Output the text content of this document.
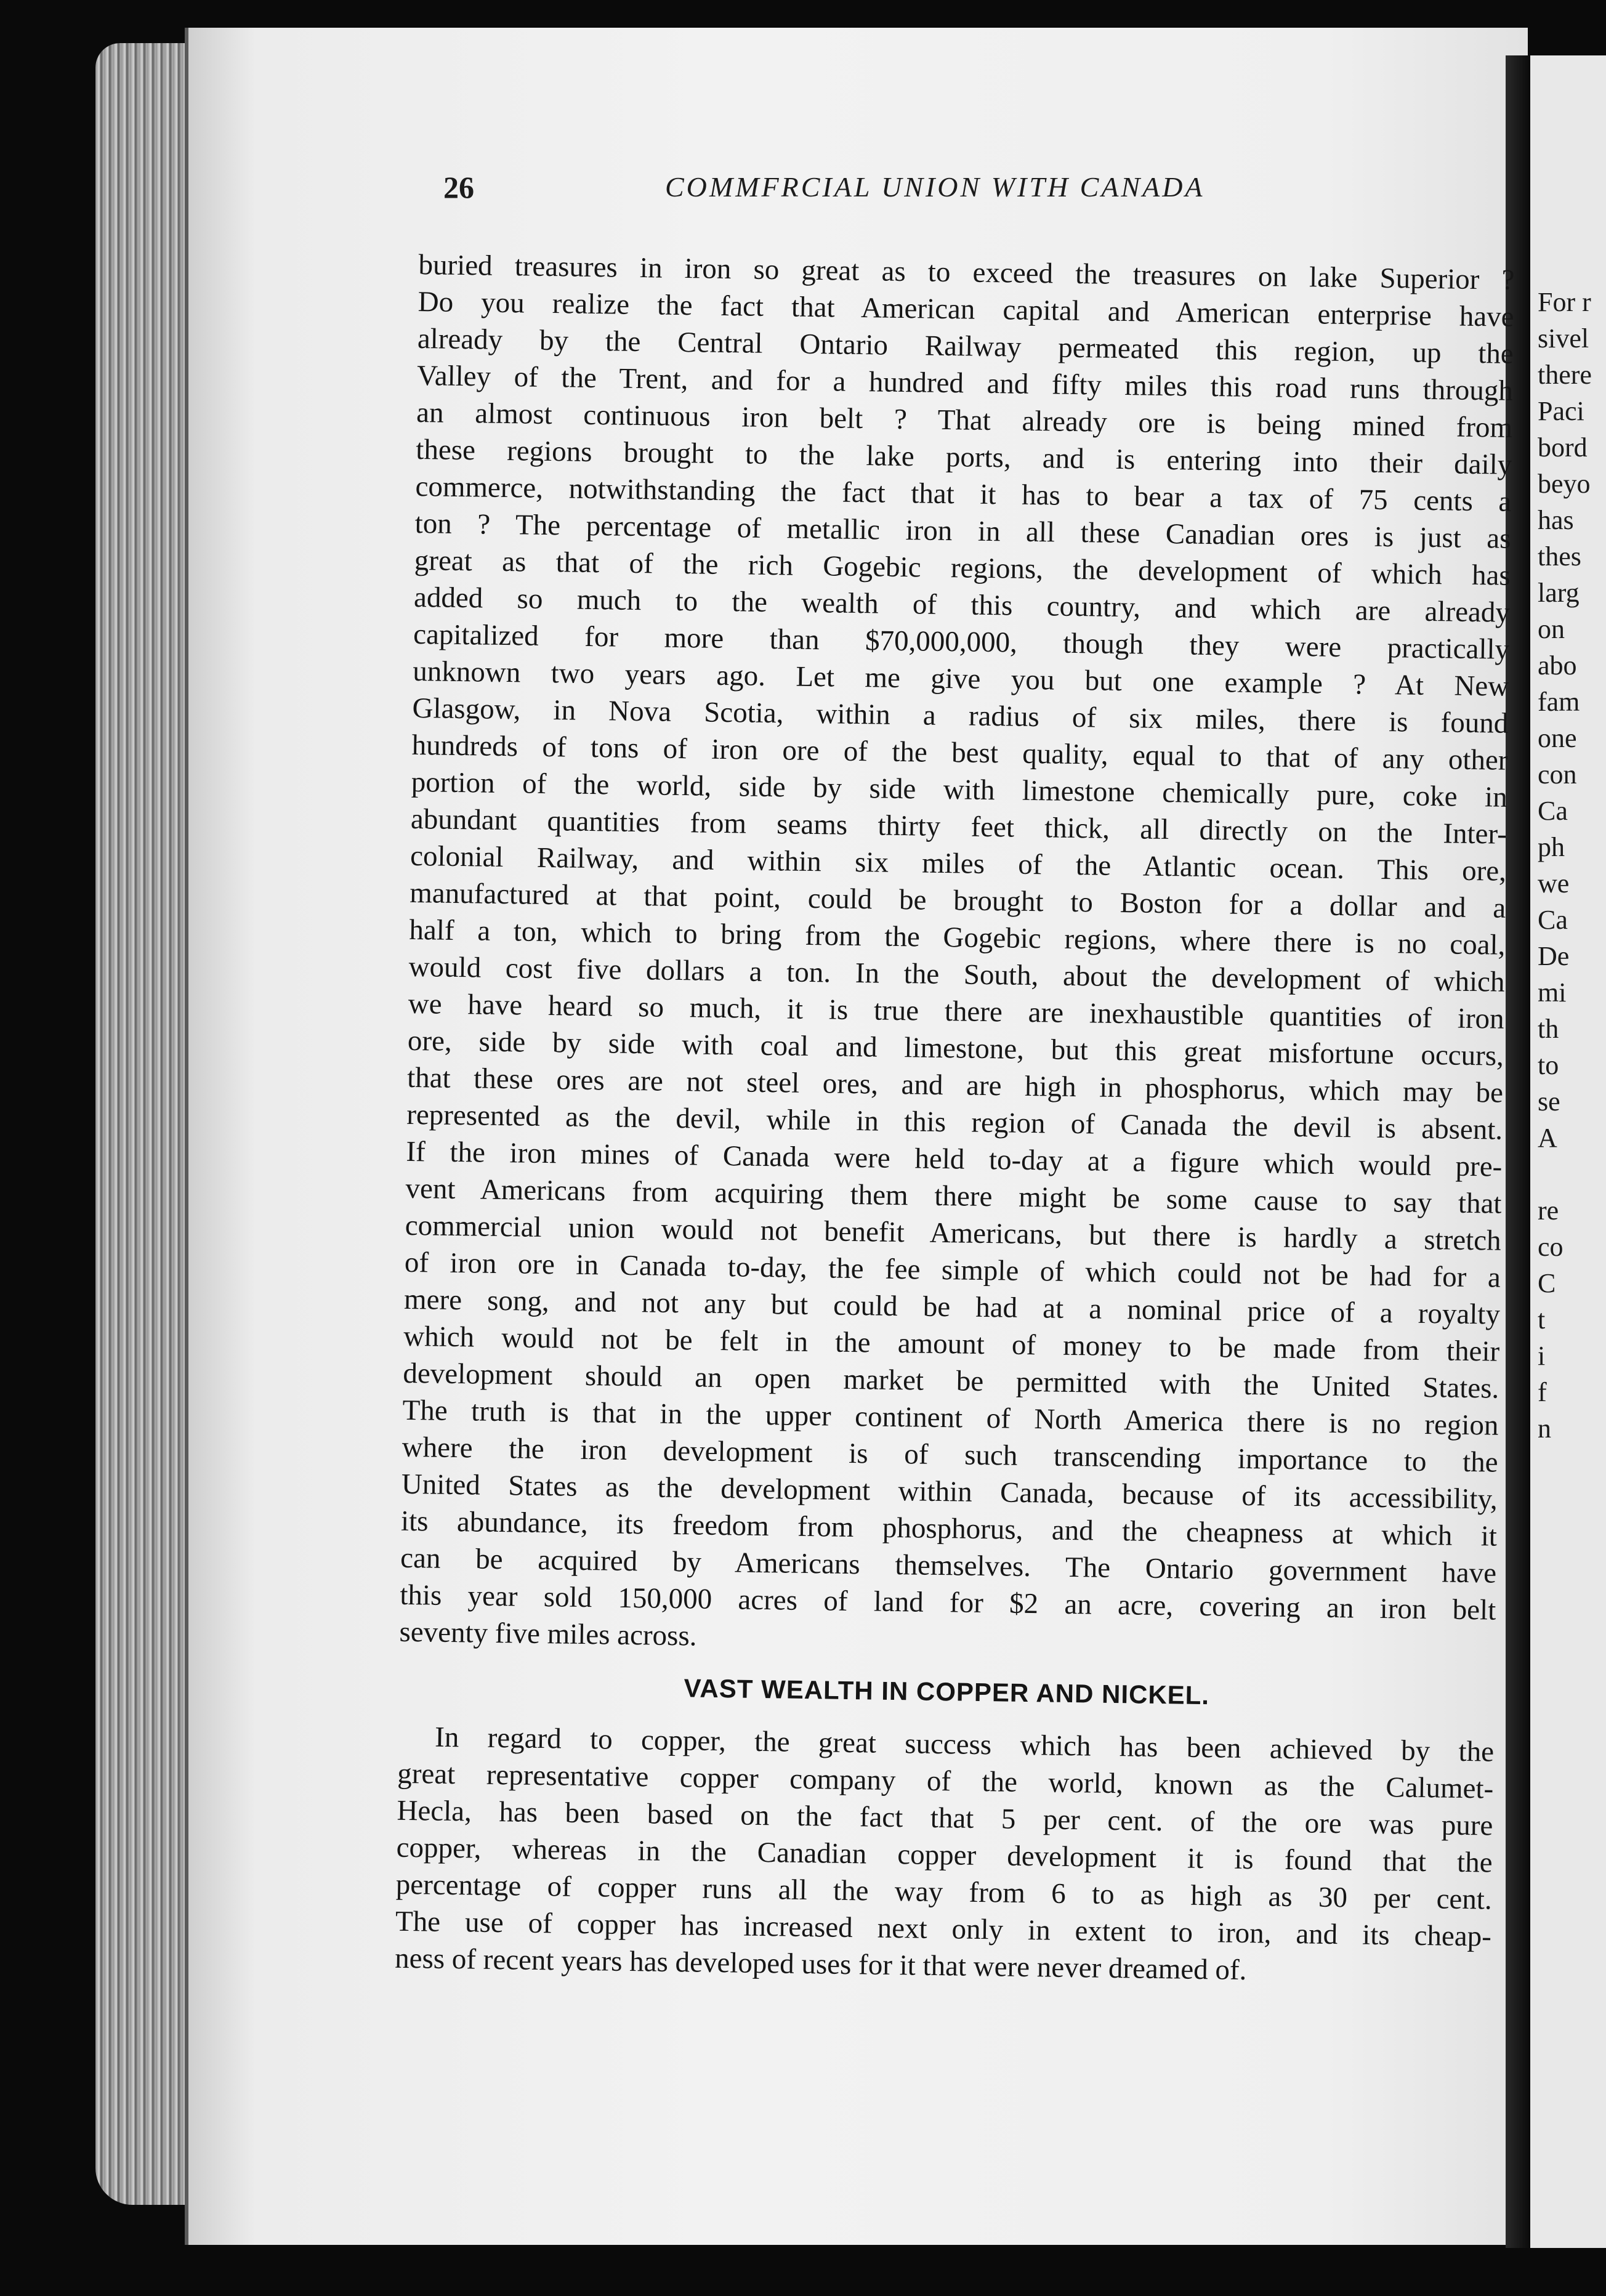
For r
sivel
there
Paci
bord
beyo
has
thes
larg
on
abo
fam
one
con
Ca
ph
we
Ca
De
mi
th
to
se
A
re
co
C
t
i
f
n
26	COMMFRCIAL UNION WITH CANADA
buried treasures in iron so great as to exceed the treasures on lake Superior ?
Do you realize the fact that American capital and American enterprise have
already by the Central Ontario Railway permeated this region, up the
Valley of the Trent, and for a hundred and fifty miles this road runs through
an almost continuous iron belt ? That already ore is being mined from
these regions brought to the lake ports, and is entering into their daily
commerce, notwithstanding the fact that it has to bear a tax of 75 cents a
ton ? The percentage of metallic iron in all these Canadian ores is just as
great as that of the rich Gogebic regions, the development of which has
added so much to the wealth of this country, and which are already
capitalized for more than $70,000,000, though they were practically
unknown two years ago. Let me give you but one example ? At New
Glasgow, in Nova Scotia, within a radius of six miles, there is found
hundreds of tons of iron ore of the best quality, equal to that of any other
portion of the world, side by side with limestone chemically pure, coke in
abundant quantities from seams thirty feet thick, all directly on the Inter-
colonial Railway, and within six miles of the Atlantic ocean. This ore,
manufactured at that point, could be brought to Boston for a dollar and a
half a ton, which to bring from the Gogebic regions, where there is no coal,
would cost five dollars a ton. In the South, about the development of which
we have heard so much, it is true there are inexhaustible quantities of iron
ore, side by side with coal and limestone, but this great misfortune occurs,
that these ores are not steel ores, and are high in phosphorus, which may be
represented as the devil, while in this region of Canada the devil is absent.
If the iron mines of Canada were held to-day at a figure which would pre-
vent Americans from acquiring them there might be some cause to say that
commercial union would not benefit Americans, but there is hardly a stretch
of iron ore in Canada to-day, the fee simple of which could not be had for a
mere song, and not any but could be had at a nominal price of a royalty
which would not be felt in the amount of money to be made from their
development should an open market be permitted with the United States.
The truth is that in the upper continent of North America there is no region
where the iron development is of such transcending importance to the
United States as the development within Canada, because of its accessibility,
its abundance, its freedom from phosphorus, and the cheapness at which it
can be acquired by Americans themselves. The Ontario government have
this year sold 150,000 acres of land for $2 an acre, covering an iron belt
seventy five miles across.
VAST WEALTH IN COPPER AND NICKEL.
In regard to copper, the great success which has been achieved by the
great representative copper company of the world, known as the Calumet-
Hecla, has been based on the fact that 5 per cent. of the ore was pure
copper, whereas in the Canadian copper development it is found that the
percentage of copper runs all the way from 6 to as high as 30 per cent.
The use of copper has increased next only in extent to iron, and its cheap-
ness of recent years has developed uses for it that were never dreamed of.
